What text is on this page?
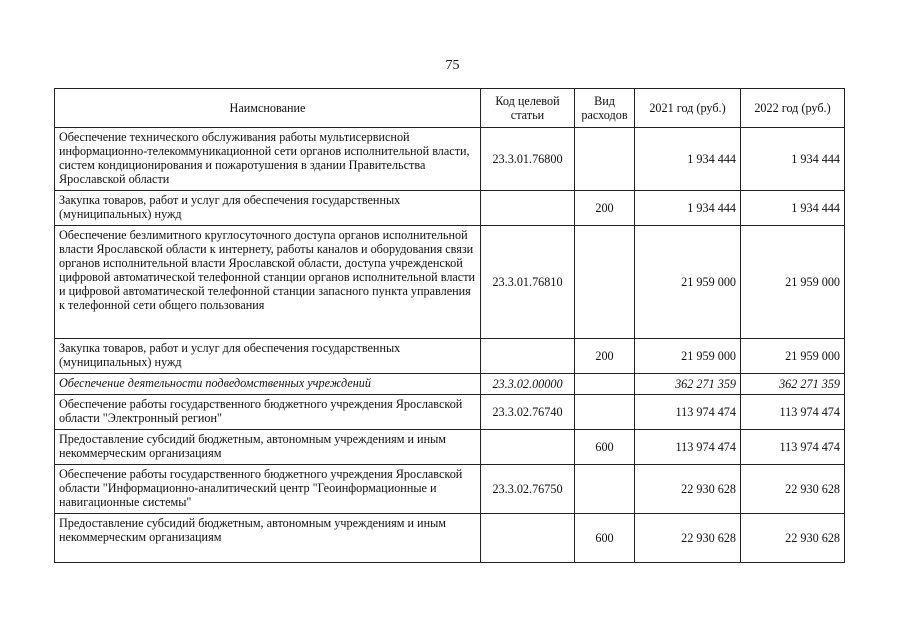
75
Наимснование	Код целевой статьи	Вид расходов	2021 год (руб.)	2022 год (руб.)
Обеспечение технического обслуживания работы мультисервисной информационно-телекоммуникационной сети органов исполнительной власти, систем кондиционирования и пожаротушения в здании Правительства Ярославской области	23.3.01.76800		1 934 444	1 934 444
Закупка товаров, работ и услуг для обеспечения государственных (муниципальных) нужд		200	1 934 444	1 934 444
Обеспечение безлимитного круглосуточного доступа органов исполнительной власти Ярославской области к интернету, работы каналов и оборудования связи органов исполнительной власти Ярославской области, доступа учрежденской цифровой автоматической телефонной станции органов исполнительной власти и цифровой автоматической телефонной станции запасного пункта управления к телефонной сети общего пользования	23.3.01.76810		21 959 000	21 959 000
Закупка товаров, работ и услуг для обеспечения государственных (муниципальных) нужд		200	21 959 000	21 959 000
Обеспечение деятельности подведомственных учреждений	23.3.02.00000		362 271 359	362 271 359
Обеспечение работы государственного бюджетного учреждения Ярославской области "Электронный регион"	23.3.02.76740		113 974 474	113 974 474
Предоставление субсидий бюджетным, автономным учреждениям и иным некоммерческим организациям		600	113 974 474	113 974 474
Обеспечение работы государственного бюджетного учреждения Ярославской области "Информационно-аналитический центр "Геоинформационные и навигационные системы"	23.3.02.76750		22 930 628	22 930 628
Предоставление субсидий бюджетным, автономным учреждениям и иным некоммерческим организациям		600	22 930 628	22 930 628
